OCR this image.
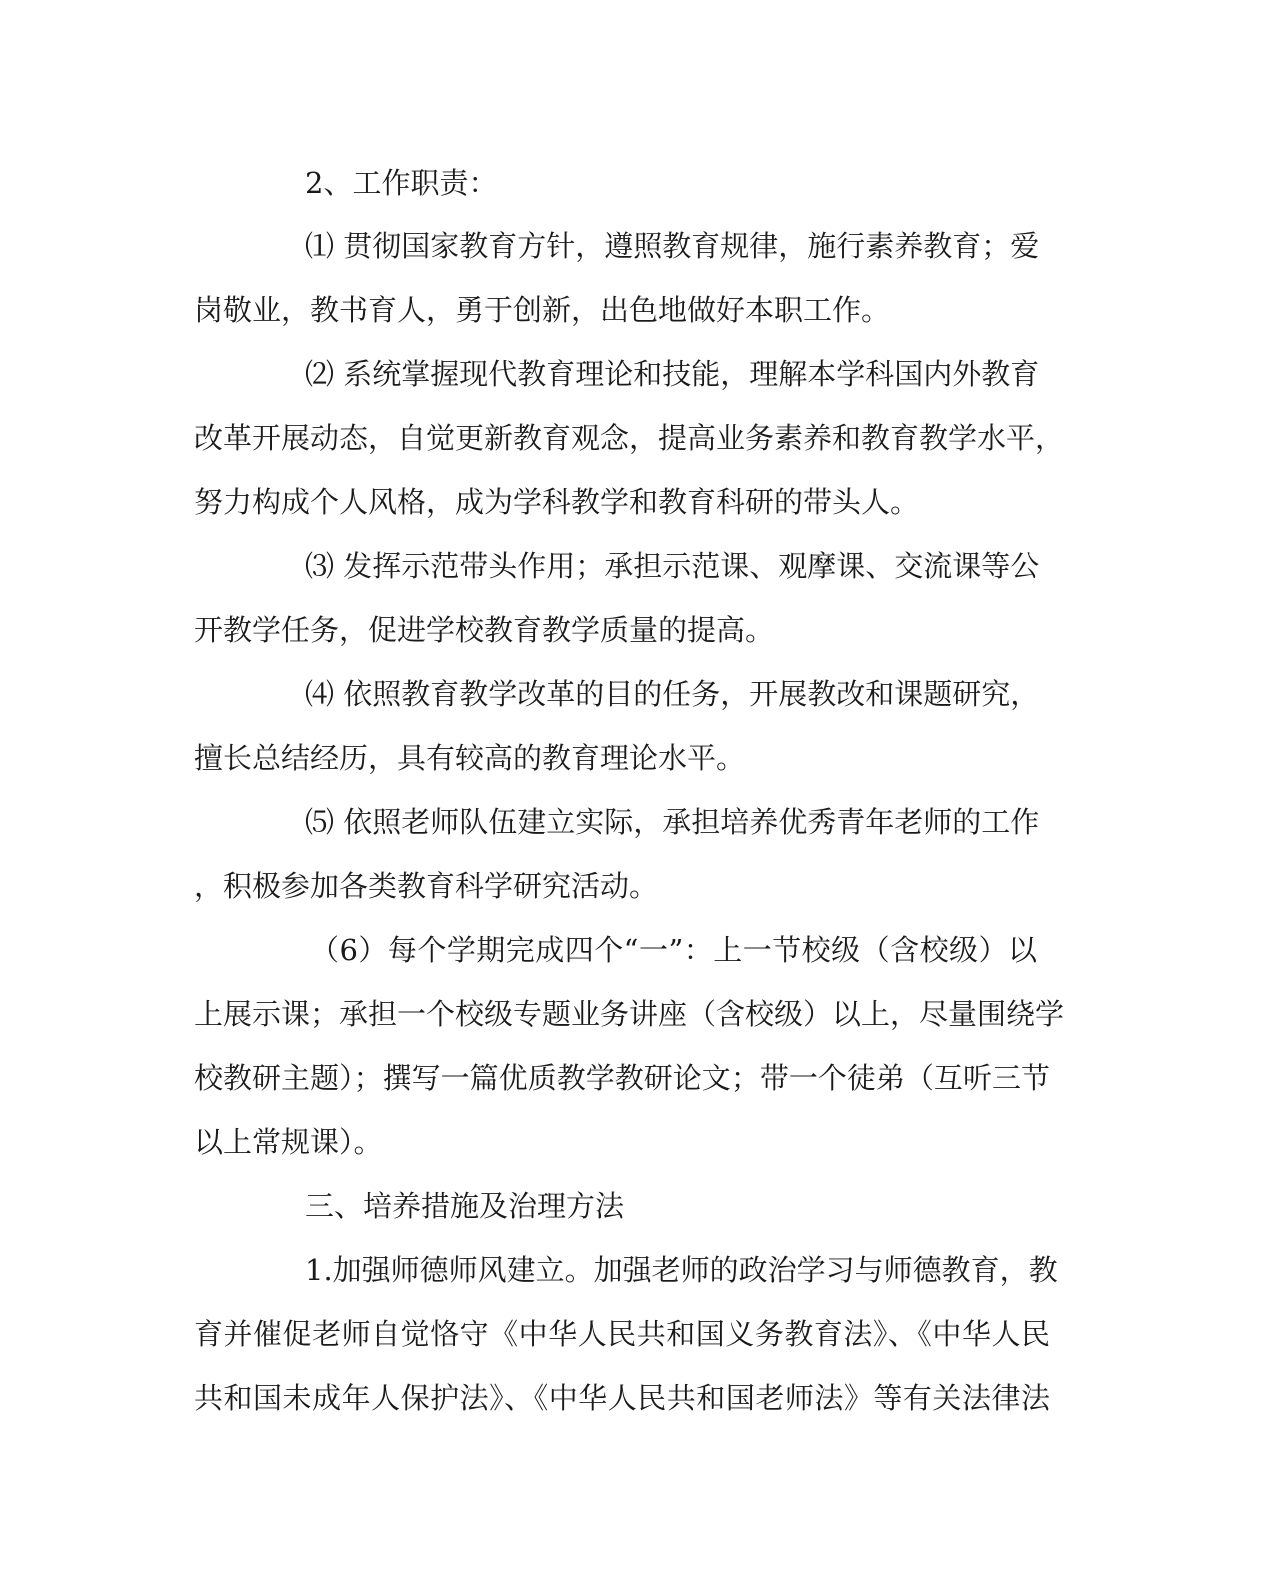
2、工作职责：
⑴ 贯彻国家教育方针，遵照教育规律，施行素养教育；爱
岗敬业，教书育人，勇于创新，出色地做好本职工作。
⑵ 系统掌握现代教育理论和技能，理解本学科国内外教育
改革开展动态，自觉更新教育观念，提高业务素养和教育教学水平，
努力构成个人风格，成为学科教学和教育科研的带头人。
⑶ 发挥示范带头作用；承担示范课、观摩课、交流课等公
开教学任务，促进学校教育教学质量的提高。
⑷ 依照教育教学改革的目的任务，开展教改和课题研究，
擅长总结经历，具有较高的教育理论水平。
⑸ 依照老师队伍建立实际，承担培养优秀青年老师的工作
，积极参加各类教育科学研究活动。
（6）每个学期完成四个“一”：上一节校级（含校级）以
上展示课；承担一个校级专题业务讲座（含校级）以上，尽量围绕学
校教研主题）；撰写一篇优质教学教研论文；带一个徒弟（互听三节
以上常规课）。
三、培养措施及治理方法
1.加强师德师风建立。加强老师的政治学习与师德教育，教
育并催促老师自觉恪守《中华人民共和国义务教育法》、《中华人民
共和国未成年人保护法》、《中华人民共和国老师法》等有关法律法
